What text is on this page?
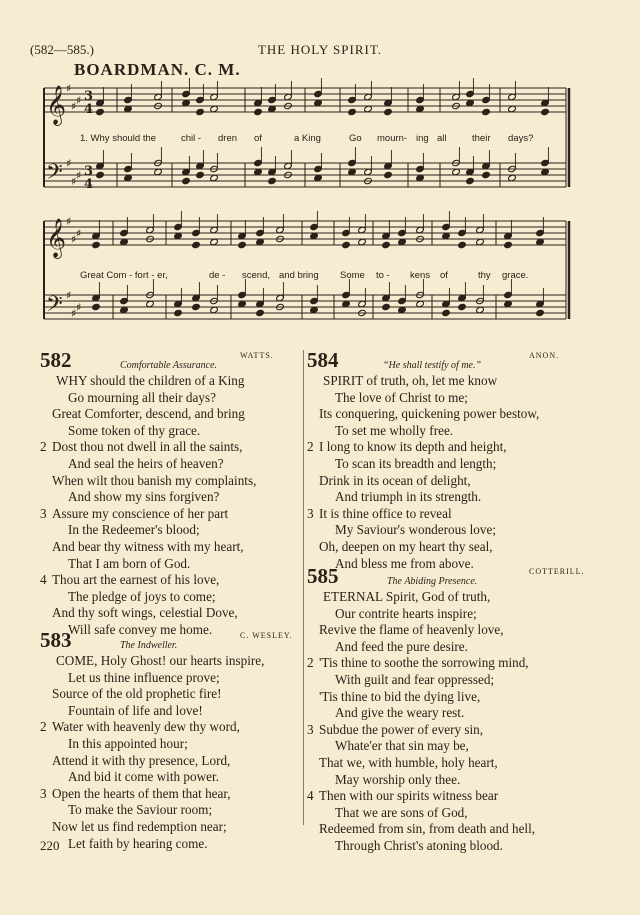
(582—585.)	THE HOLY SPIRIT.
BOARDMAN. C. M.
𝄞 ♯
♯ ♯ 3
4
𝄢 ♯
♯ ♯ 3
4
𝄞 ♯
♯ ♯
𝄢 ♯
♯ ♯
1. Why should the	chil - dren of	a King	Go mourn- ing all	their days?
Great Com - fort - er,	de - scend, and bring Some to - kens of	thy grace.
582	Comfortable Assurance.
WATTS.
WHY should the children of a King
Go mourning all their days?
Great Comforter, descend, and bring
Some token of thy grace.
2 Dost thou not dwell in all the saints,
And seal the heirs of heaven?
When wilt thou banish my complaints,
And show my sins forgiven?
3 Assure my conscience of her part
In the Redeemer's blood;
And bear thy witness with my heart,
That I am born of God.
4 Thou art the earnest of his love,
The pledge of joys to come;
And thy soft wings, celestial Dove,
Will safe convey me home.
583	The Indweller.
C. WESLEY.
COME, Holy Ghost! our hearts inspire,
Let us thine influence prove;
Source of the old prophetic fire!
Fountain of life and love!
2 Water with heavenly dew thy word,
In this appointed hour;
Attend it with thy presence, Lord,
And bid it come with power.
3 Open the hearts of them that hear,
To make the Saviour room;
Now let us find redemption near;
Let faith by hearing come.
584	“He shall testify of me.”
ANON.
SPIRIT of truth, oh, let me know
The love of Christ to me;
Its conquering, quickening power bestow,
To set me wholly free.
2 I long to know its depth and height,
To scan its breadth and length;
Drink in its ocean of delight,
And triumph in its strength.
3 It is thine office to reveal
My Saviour's wonderous love;
Oh, deepen on my heart thy seal,
And bless me from above.
585	The Abiding Presence.
COTTERILL.
ETERNAL Spirit, God of truth,
Our contrite hearts inspire;
Revive the flame of heavenly love,
And feed the pure desire.
2 'Tis thine to soothe the sorrowing mind,
With guilt and fear oppressed;
'Tis thine to bid the dying live,
And give the weary rest.
3 Subdue the power of every sin,
Whate'er that sin may be,
That we, with humble, holy heart,
May worship only thee.
4 Then with our spirits witness bear
That we are sons of God,
Redeemed from sin, from death and hell,
Through Christ's atoning blood.
220
